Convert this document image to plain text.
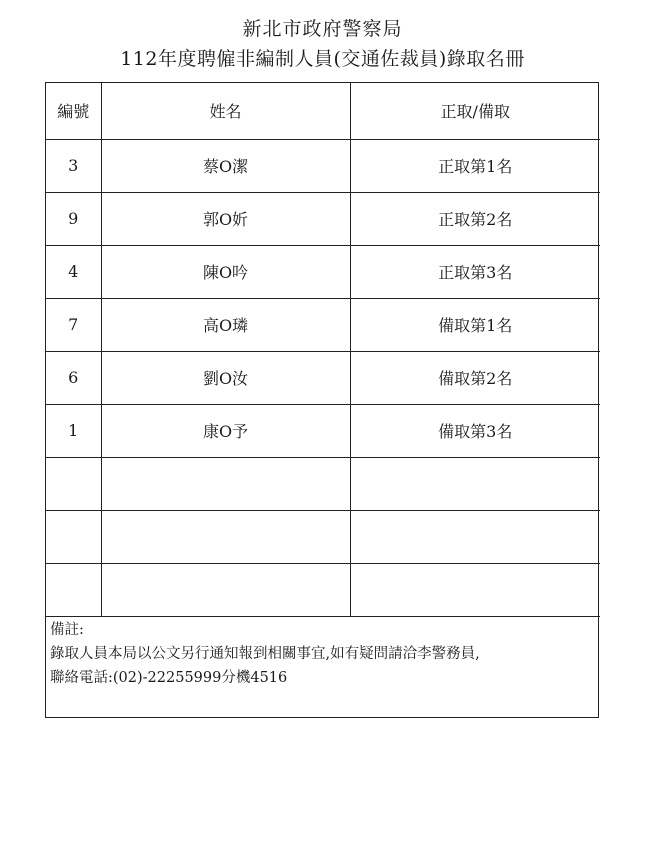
新北市政府警察局
112年度聘僱非編制人員(交通佐裁員)錄取名冊
編號	姓名	正取/備取
3	蔡O潔	正取第1名
9	郭O妡	正取第2名
4	陳O吟	正取第3名
7	高O璘	備取第1名
6	劉O汝	備取第2名
1	康O予	備取第3名

備註:
錄取人員本局以公文另行通知報到相關事宜,如有疑問請洽李警務員,
聯絡電話:(02)-22255999分機4516
